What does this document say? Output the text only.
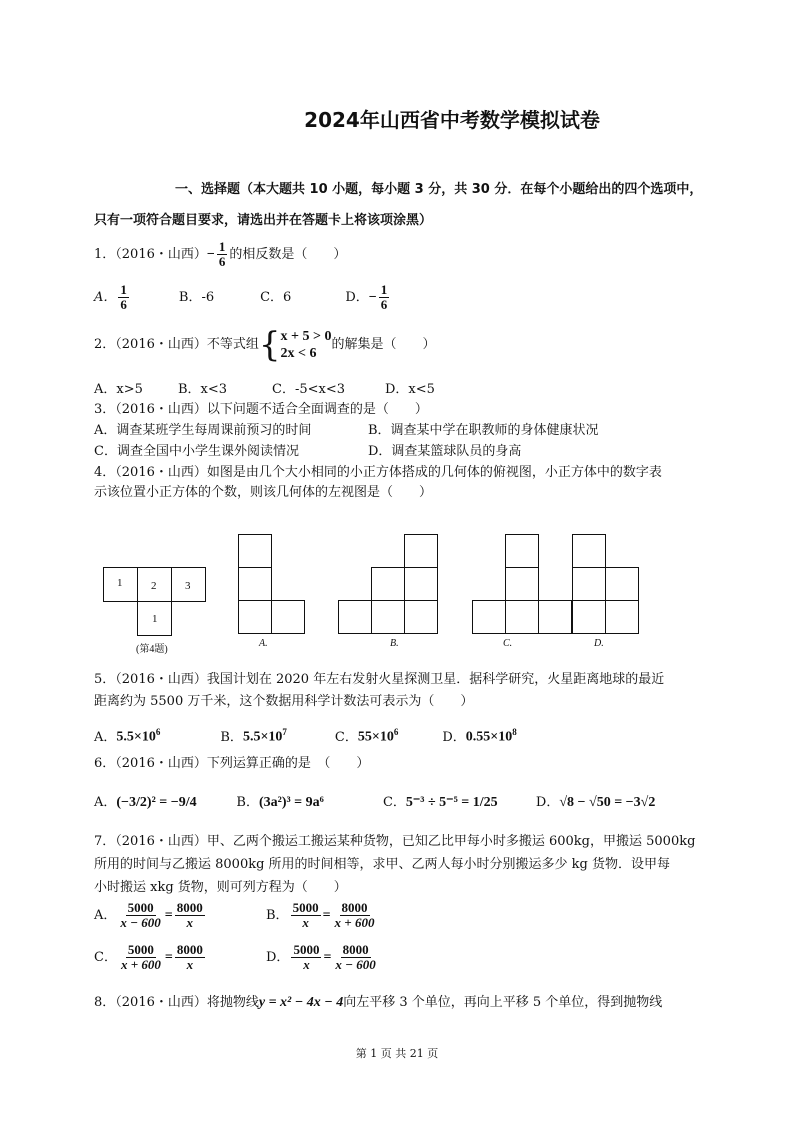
2024年山西省中考数学模拟试卷
一、选择题（本大题共 10 小题，每小题 3 分，共 30 分．在每个小题给出的四个选项中，
只有一项符合题目要求，请选出并在答题卡上将该项涂黑）
1．（2016・山西） − $\frac{1}{6}$ 的相反数是（　　）
A． $\frac{1}{6}$	B．-6	C．6	D． − $\frac{1}{6}$
2．（2016・山西）不等式组 { x + 5 > 0
2x < 6
的解集是（　　）
A．x>5	B．x<3	C．-5<x<3	D．x<5
3．（2016・山西）以下问题不适合全面调查的是（　　）
A．调查某班学生每周课前预习的时间	B．调查某中学在职教师的身体健康状况
C．调查全国中小学生课外阅读情况	D．调查某篮球队员的身高
4．（2016・山西）如图是由几个大小相同的小正方体搭成的几何体的俯视图，小正方体中的数字表
示该位置小正方体的个数，则该几何体的左视图是（　　）
1	2	3
1
(第4题)
A.	B.	C.	D.
5．（2016・山西）我国计划在 2020 年左右发射火星探测卫星．据科学研究，火星距离地球的最近
距离约为 5500 万千米，这个数据用科学计数法可表示为（　　）
A． $5.5\times 10^6$	B． $5.5\times 10^7$	C． $55\times 10^6$	D． $0.55\times 10^8$
6．（2016・山西）下列运算正确的是　（　　）
A． (−3/2)² = −9/4	B． (3a²)³ = 9a⁶	C． 5⁻³ ÷ 5⁻⁵ = 1/25	D． √8 − √50 = −3√2
7．（2016・山西）甲、乙两个搬运工搬运某种货物，已知乙比甲每小时多搬运 600kg，甲搬运 5000kg
所用的时间与乙搬运 8000kg 所用的时间相等，求甲、乙两人每小时分别搬运多少 kg 货物．设甲每
小时搬运 xkg 货物，则可列方程为（　　）
A． $\frac{5000}{x - 600} = \frac{8000}{x}$	B． $\frac{5000}{x} = \frac{8000}{x + 600}$
C． $\frac{5000}{x + 600} = \frac{8000}{x}$	D． $\frac{5000}{x} = \frac{8000}{x - 600}$
8．（2016・山西）将抛物线 y = x² − 4x − 4 向左平移 3 个单位，再向上平移 5 个单位，得到抛物线
第 1 页 共 21 页
